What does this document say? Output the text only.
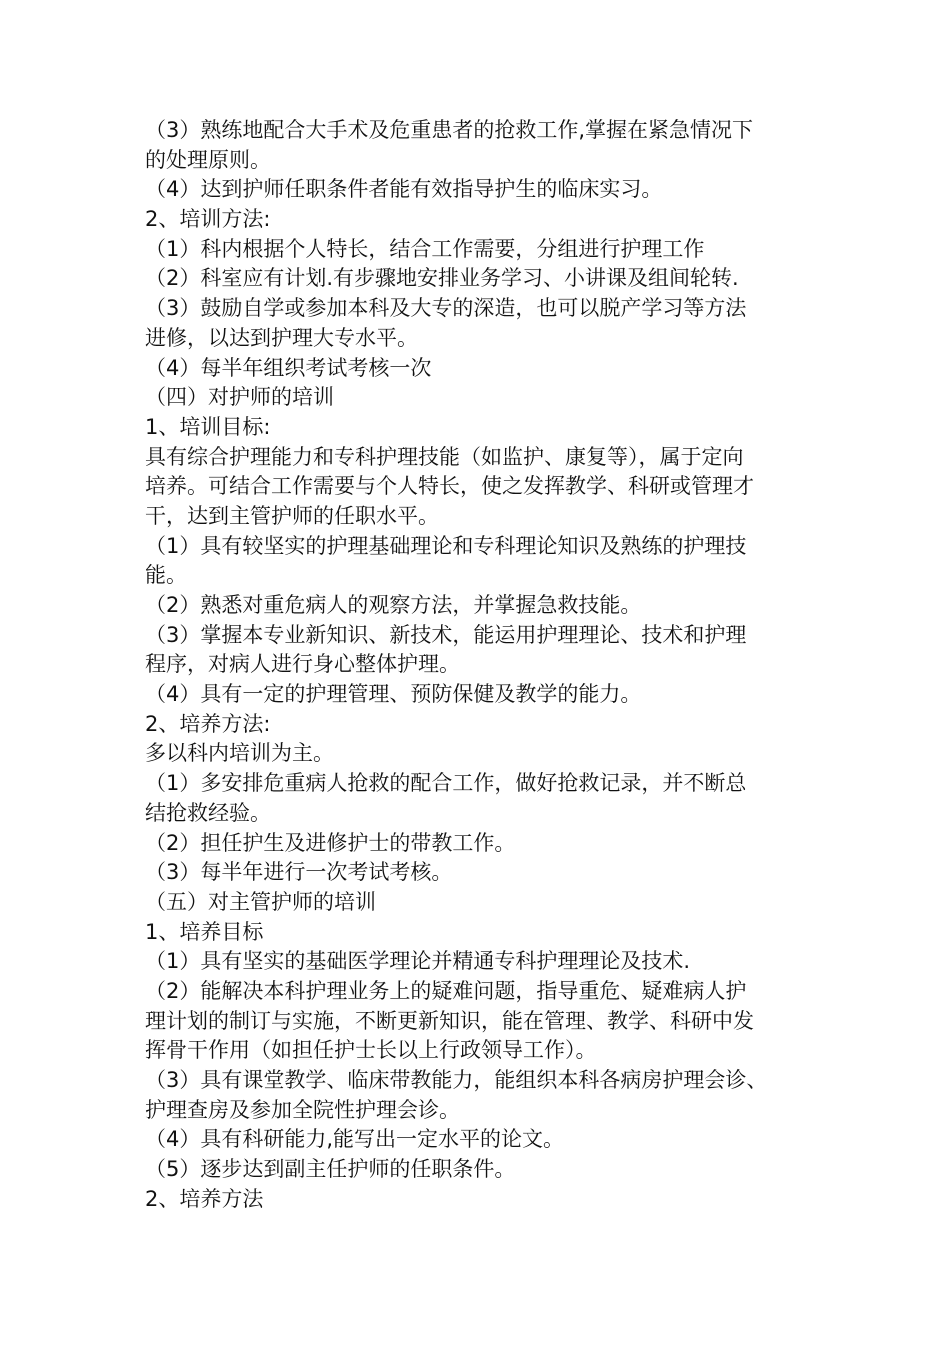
（3）熟练地配合大手术及危重患者的抢救工作,掌握在紧急情况下
的处理原则。
（4）达到护师任职条件者能有效指导护生的临床实习。
2、培训方法:
（1）科内根据个人特长，结合工作需要，分组进行护理工作
（2）科室应有计划.有步骤地安排业务学习、小讲课及组间轮转.
（3）鼓励自学或参加本科及大专的深造，也可以脱产学习等方法
进修，以达到护理大专水平。
（4）每半年组织考试考核一次
（四）对护师的培训
1、培训目标:
具有综合护理能力和专科护理技能（如监护、康复等），属于定向
培养。可结合工作需要与个人特长，使之发挥教学、科研或管理才
干，达到主管护师的任职水平。
（1）具有较坚实的护理基础理论和专科理论知识及熟练的护理技
能。
（2）熟悉对重危病人的观察方法，并掌握急救技能。
（3）掌握本专业新知识、新技术，能运用护理理论、技术和护理
程序，对病人进行身心整体护理。
（4）具有一定的护理管理、预防保健及教学的能力。
2、培养方法:
多以科内培训为主。
（1）多安排危重病人抢救的配合工作，做好抢救记录，并不断总
结抢救经验。
（2）担任护生及进修护士的带教工作。
（3）每半年进行一次考试考核。
（五）对主管护师的培训
1、培养目标
（1）具有坚实的基础医学理论并精通专科护理理论及技术.
（2）能解决本科护理业务上的疑难问题，指导重危、疑难病人护
理计划的制订与实施，不断更新知识，能在管理、教学、科研中发
挥骨干作用（如担任护士长以上行政领导工作）。
（3）具有课堂教学、临床带教能力，能组织本科各病房护理会诊、
护理查房及参加全院性护理会诊。
（4）具有科研能力,能写出一定水平的论文。
（5）逐步达到副主任护师的任职条件。
2、培养方法
